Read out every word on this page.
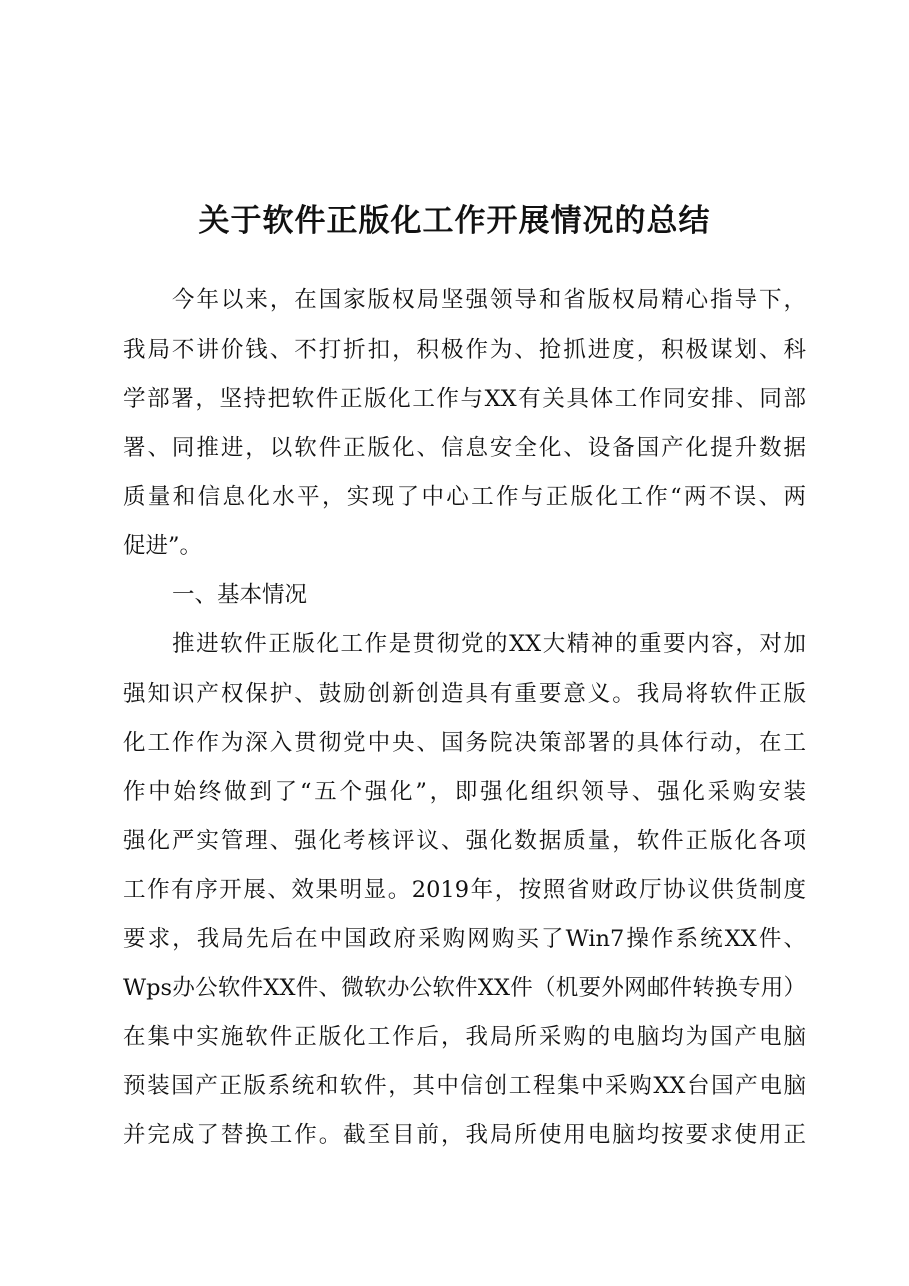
关于软件正版化工作开展情况的总结
今年以来，在国家版权局坚强领导和省版权局精心指导下，
我局不讲价钱、不打折扣，积极作为、抢抓进度，积极谋划、科
学部署，坚持把软件正版化工作与XX有关具体工作同安排、同部
署、同推进，以软件正版化、信息安全化、设备国产化提升数据
质量和信息化水平，实现了中心工作与正版化工作“两不误、两
促进”。
一、基本情况
推进软件正版化工作是贯彻党的XX大精神的重要内容，对加
强知识产权保护、鼓励创新创造具有重要意义。我局将软件正版
化工作作为深入贯彻党中央、国务院决策部署的具体行动，在工
作中始终做到了“五个强化”，即强化组织领导、强化采购安装
强化严实管理、强化考核评议、强化数据质量，软件正版化各项
工作有序开展、效果明显。2019年，按照省财政厅协议供货制度
要求，我局先后在中国政府采购网购买了Win7操作系统XX件、
Wps办公软件XX件、微软办公软件XX件（机要外网邮件转换专用）
在集中实施软件正版化工作后，我局所采购的电脑均为国产电脑
预装国产正版系统和软件，其中信创工程集中采购XX台国产电脑
并完成了替换工作。截至目前，我局所使用电脑均按要求使用正
